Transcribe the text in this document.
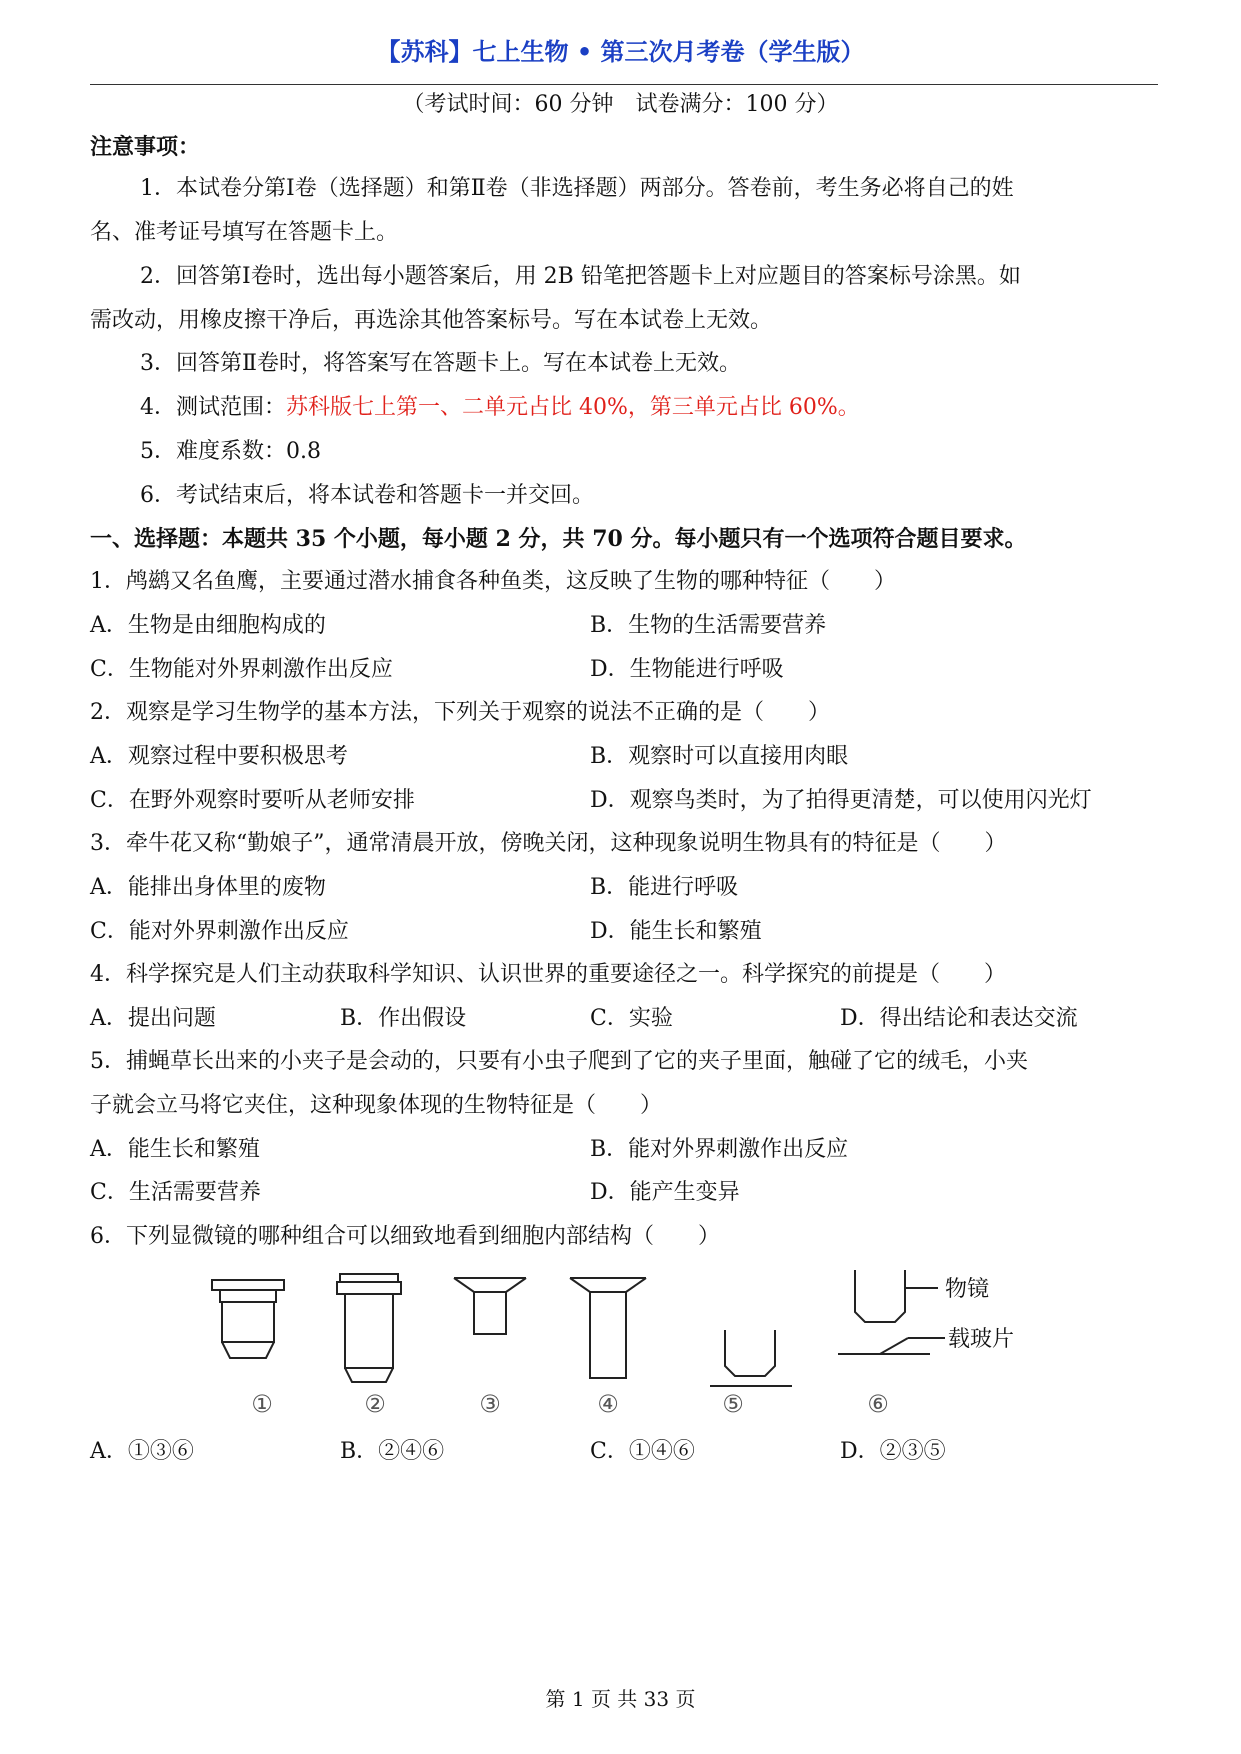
【苏科】七上生物 • 第三次月考卷（学生版）
（考试时间：60 分钟　试卷满分：100 分）
注意事项：
1．本试卷分第Ⅰ卷（选择题）和第Ⅱ卷（非选择题）两部分。答卷前，考生务必将自己的姓
名、准考证号填写在答题卡上。
2．回答第Ⅰ卷时，选出每小题答案后，用 2B 铅笔把答题卡上对应题目的答案标号涂黑。如
需改动，用橡皮擦干净后，再选涂其他答案标号。写在本试卷上无效。
3．回答第Ⅱ卷时，将答案写在答题卡上。写在本试卷上无效。
4．测试范围：苏科版七上第一、二单元占比 40%，第三单元占比 60%。
5．难度系数：0.8
6．考试结束后，将本试卷和答题卡一并交回。
一、选择题：本题共 35 个小题，每小题 2 分，共 70 分。每小题只有一个选项符合题目要求。
1．鸬鹚又名鱼鹰，主要通过潜水捕食各种鱼类，这反映了生物的哪种特征（　　）
A．生物是由细胞构成的	B．生物的生活需要营养
C．生物能对外界刺激作出反应	D．生物能进行呼吸
2．观察是学习生物学的基本方法，下列关于观察的说法不正确的是（　　）
A．观察过程中要积极思考	B．观察时可以直接用肉眼
C．在野外观察时要听从老师安排	D．观察鸟类时，为了拍得更清楚，可以使用闪光灯
3．牵牛花又称“勤娘子”，通常清晨开放，傍晚关闭，这种现象说明生物具有的特征是（　　）
A．能排出身体里的废物	B．能进行呼吸
C．能对外界刺激作出反应	D．能生长和繁殖
4．科学探究是人们主动获取科学知识、认识世界的重要途径之一。科学探究的前提是（　　）
A．提出问题	B．作出假设	C．实验	D．得出结论和表达交流
5．捕蝇草长出来的小夹子是会动的，只要有小虫子爬到了它的夹子里面，触碰了它的绒毛，小夹
子就会立马将它夹住，这种现象体现的生物特征是（　　）
A．能生长和繁殖	B．能对外界刺激作出反应
C．生活需要营养	D．能产生变异
6．下列显微镜的哪种组合可以细致地看到细胞内部结构（　　）
物镜
载玻片
①	②	③	④	⑤	⑥
A．①③⑥	B．②④⑥	C．①④⑥	D．②③⑤
第 1 页 共 33 页
